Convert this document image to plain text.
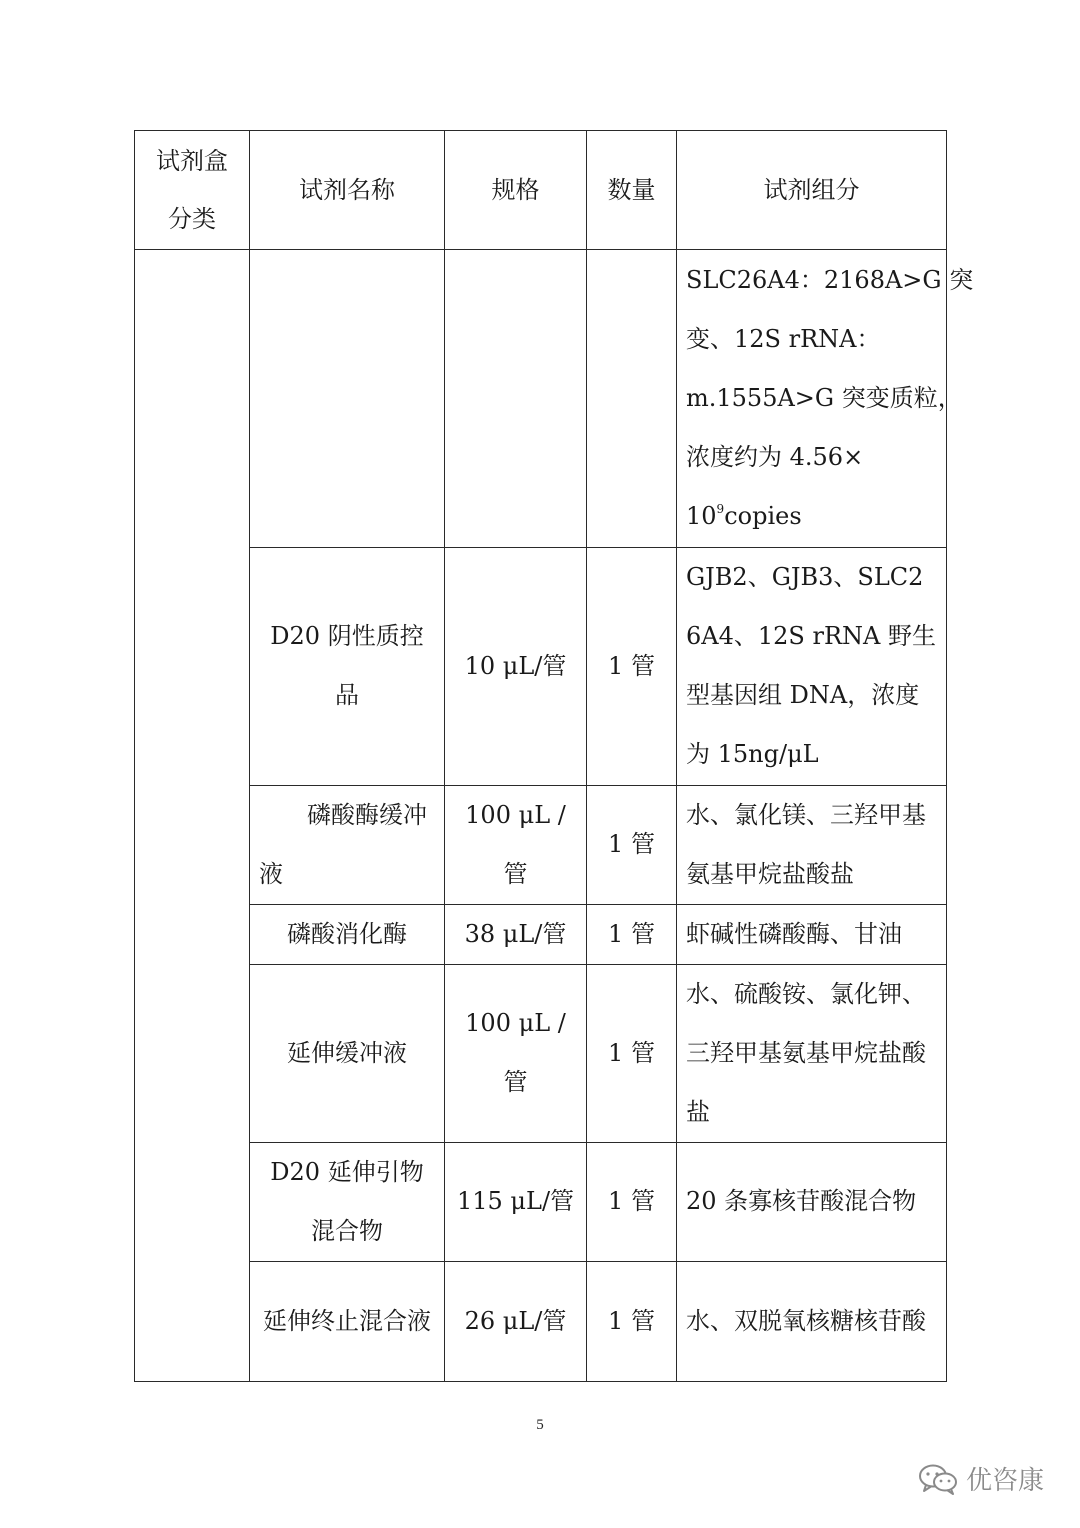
试剂盒分类	试剂名称	规格	数量	试剂组分

				SLC26A4：2168A>G 突
变、12S rRNA：
m.1555A>G 突变质粒，
浓度约为 4.56×
$10^9copies$

	D20 阴性质控品	10 μL/管	1 管	GJB2、GJB3、SLC26A4、12S rRNA 野生型基因组 DNA，浓度为 15ng/μL
	磷酸酶缓冲液	100 μL / 管	1 管	水、氯化镁、三羟甲基氨基甲烷盐酸盐
	磷酸消化酶	38 μL/管	1 管	虾碱性磷酸酶、甘油
	延伸缓冲液	100 μL / 管	1 管	水、硫酸铵、氯化钾、三羟甲基氨基甲烷盐酸盐
	D20 延伸引物混合物	115 μL/管	1 管	20 条寡核苷酸混合物
	延伸终止混合液	26 μL/管	1 管	水、双脱氧核糖核苷酸
5
优咨康
